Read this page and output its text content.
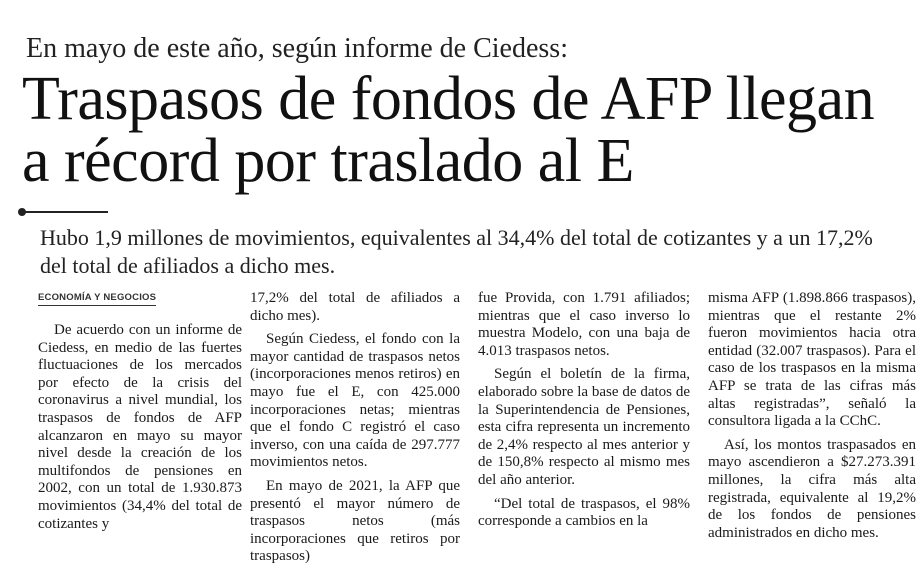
En mayo de este año, según informe de Ciedess:
Traspasos de fondos de AFP llegan a récord por traslado al E
Hubo 1,9 millones de movimientos, equivalentes al 34,4% del total de cotizantes y a un 17,2% del total de afiliados a dicho mes.
ECONOMÍA Y NEGOCIOS

De acuerdo con un informe de Ciedess, en medio de las fuertes fluctuaciones de los mercados por efecto de la crisis del coronavirus a nivel mundial, los traspasos de fondos de AFP alcanzaron en mayo su mayor nivel desde la creación de los multifondos de pensiones en 2002, con un total de 1.930.873 movimientos (34,4% del total de cotizantes y

17,2% del total de afiliados a dicho mes).

Según Ciedess, el fondo con la mayor cantidad de traspasos netos (incorporaciones menos retiros) en mayo fue el E, con 425.000 incorporaciones netas; mientras que el fondo C registró el caso inverso, con una caída de 297.777 movimientos netos.

En mayo de 2021, la AFP que presentó el mayor número de traspasos netos (más incorporaciones que retiros por traspasos)

fue Provida, con 1.791 afiliados; mientras que el caso inverso lo muestra Modelo, con una baja de 4.013 traspasos netos.

Según el boletín de la firma, elaborado sobre la base de datos de la Superintendencia de Pensiones, esta cifra representa un incremento de 2,4% respecto al mes anterior y de 150,8% respecto al mismo mes del año anterior.

“Del total de traspasos, el 98% corresponde a cambios en la

misma AFP (1.898.866 traspasos), mientras que el restante 2% fueron movimientos hacia otra entidad (32.007 traspasos). Para el caso de los traspasos en la misma AFP se trata de las cifras más altas registradas”, señaló la consultora ligada a la CChC.

Así, los montos traspasados en mayo ascendieron a $27.273.391 millones, la cifra más alta registrada, equivalente al 19,2% de los fondos de pensiones administrados en dicho mes.
